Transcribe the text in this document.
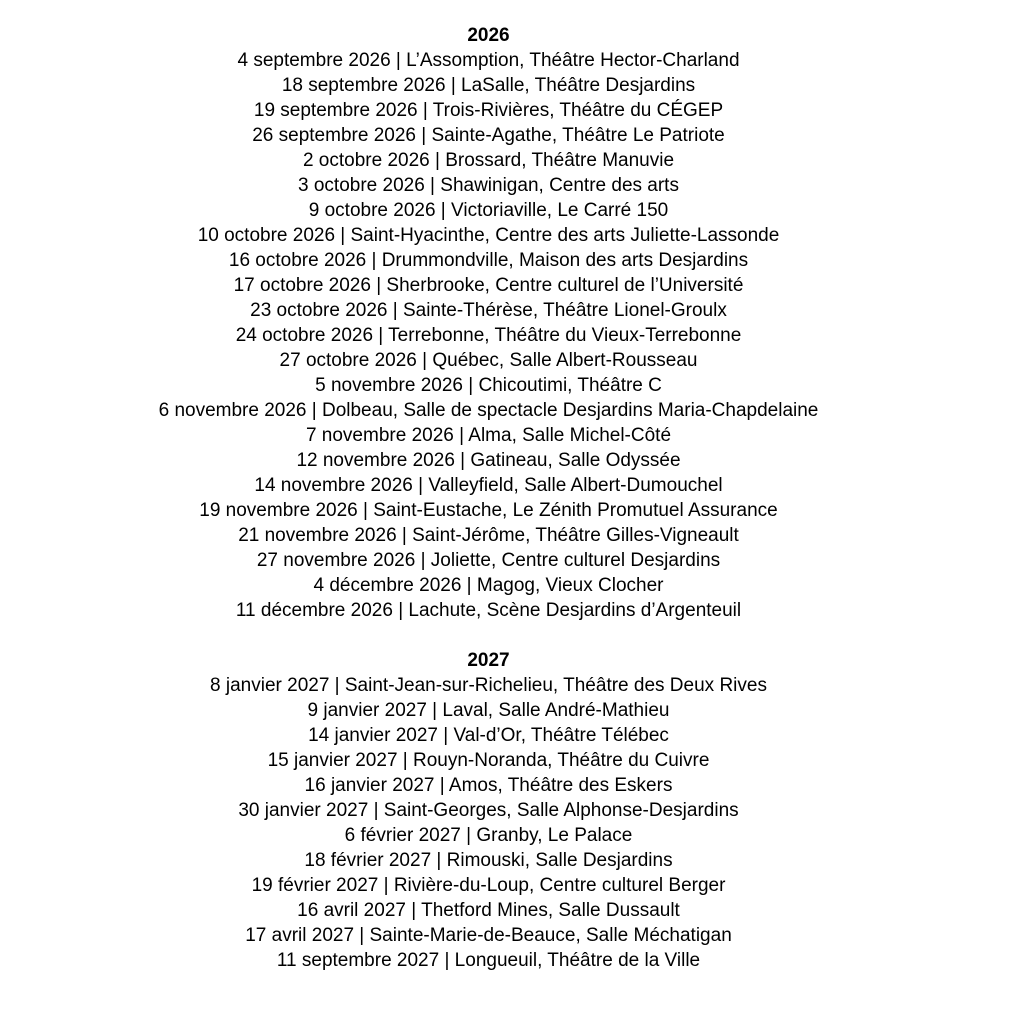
2026
4 septembre 2026 | L’Assomption, Théâtre Hector-Charland
18 septembre 2026 | LaSalle, Théâtre Desjardins
19 septembre 2026 | Trois-Rivières, Théâtre du CÉGEP
26 septembre 2026 | Sainte-Agathe, Théâtre Le Patriote
2 octobre 2026 | Brossard, Théâtre Manuvie
3 octobre 2026 | Shawinigan, Centre des arts
9 octobre 2026 | Victoriaville, Le Carré 150
10 octobre 2026 | Saint-Hyacinthe, Centre des arts Juliette-Lassonde
16 octobre 2026 | Drummondville, Maison des arts Desjardins
17 octobre 2026 | Sherbrooke, Centre culturel de l’Université
23 octobre 2026 | Sainte-Thérèse, Théâtre Lionel-Groulx
24 octobre 2026 | Terrebonne, Théâtre du Vieux-Terrebonne
27 octobre 2026 | Québec, Salle Albert-Rousseau
5 novembre 2026 | Chicoutimi, Théâtre C
6 novembre 2026 | Dolbeau, Salle de spectacle Desjardins Maria-Chapdelaine
7 novembre 2026 | Alma, Salle Michel-Côté
12 novembre 2026 | Gatineau, Salle Odyssée
14 novembre 2026 | Valleyfield, Salle Albert-Dumouchel
19 novembre 2026 | Saint-Eustache, Le Zénith Promutuel Assurance
21 novembre 2026 | Saint-Jérôme, Théâtre Gilles-Vigneault
27 novembre 2026 | Joliette, Centre culturel Desjardins
4 décembre 2026 | Magog, Vieux Clocher
11 décembre 2026 | Lachute, Scène Desjardins d’Argenteuil
2027
8 janvier 2027 | Saint-Jean-sur-Richelieu, Théâtre des Deux Rives
9 janvier 2027 | Laval, Salle André-Mathieu
14 janvier 2027 | Val-d’Or, Théâtre Télébec
15 janvier 2027 | Rouyn-Noranda, Théâtre du Cuivre
16 janvier 2027 | Amos, Théâtre des Eskers
30 janvier 2027 | Saint-Georges, Salle Alphonse-Desjardins
6 février 2027 | Granby, Le Palace
18 février 2027 | Rimouski, Salle Desjardins
19 février 2027 | Rivière-du-Loup, Centre culturel Berger
16 avril 2027 | Thetford Mines, Salle Dussault
17 avril 2027 | Sainte-Marie-de-Beauce, Salle Méchatigan
11 septembre 2027 | Longueuil, Théâtre de la Ville
